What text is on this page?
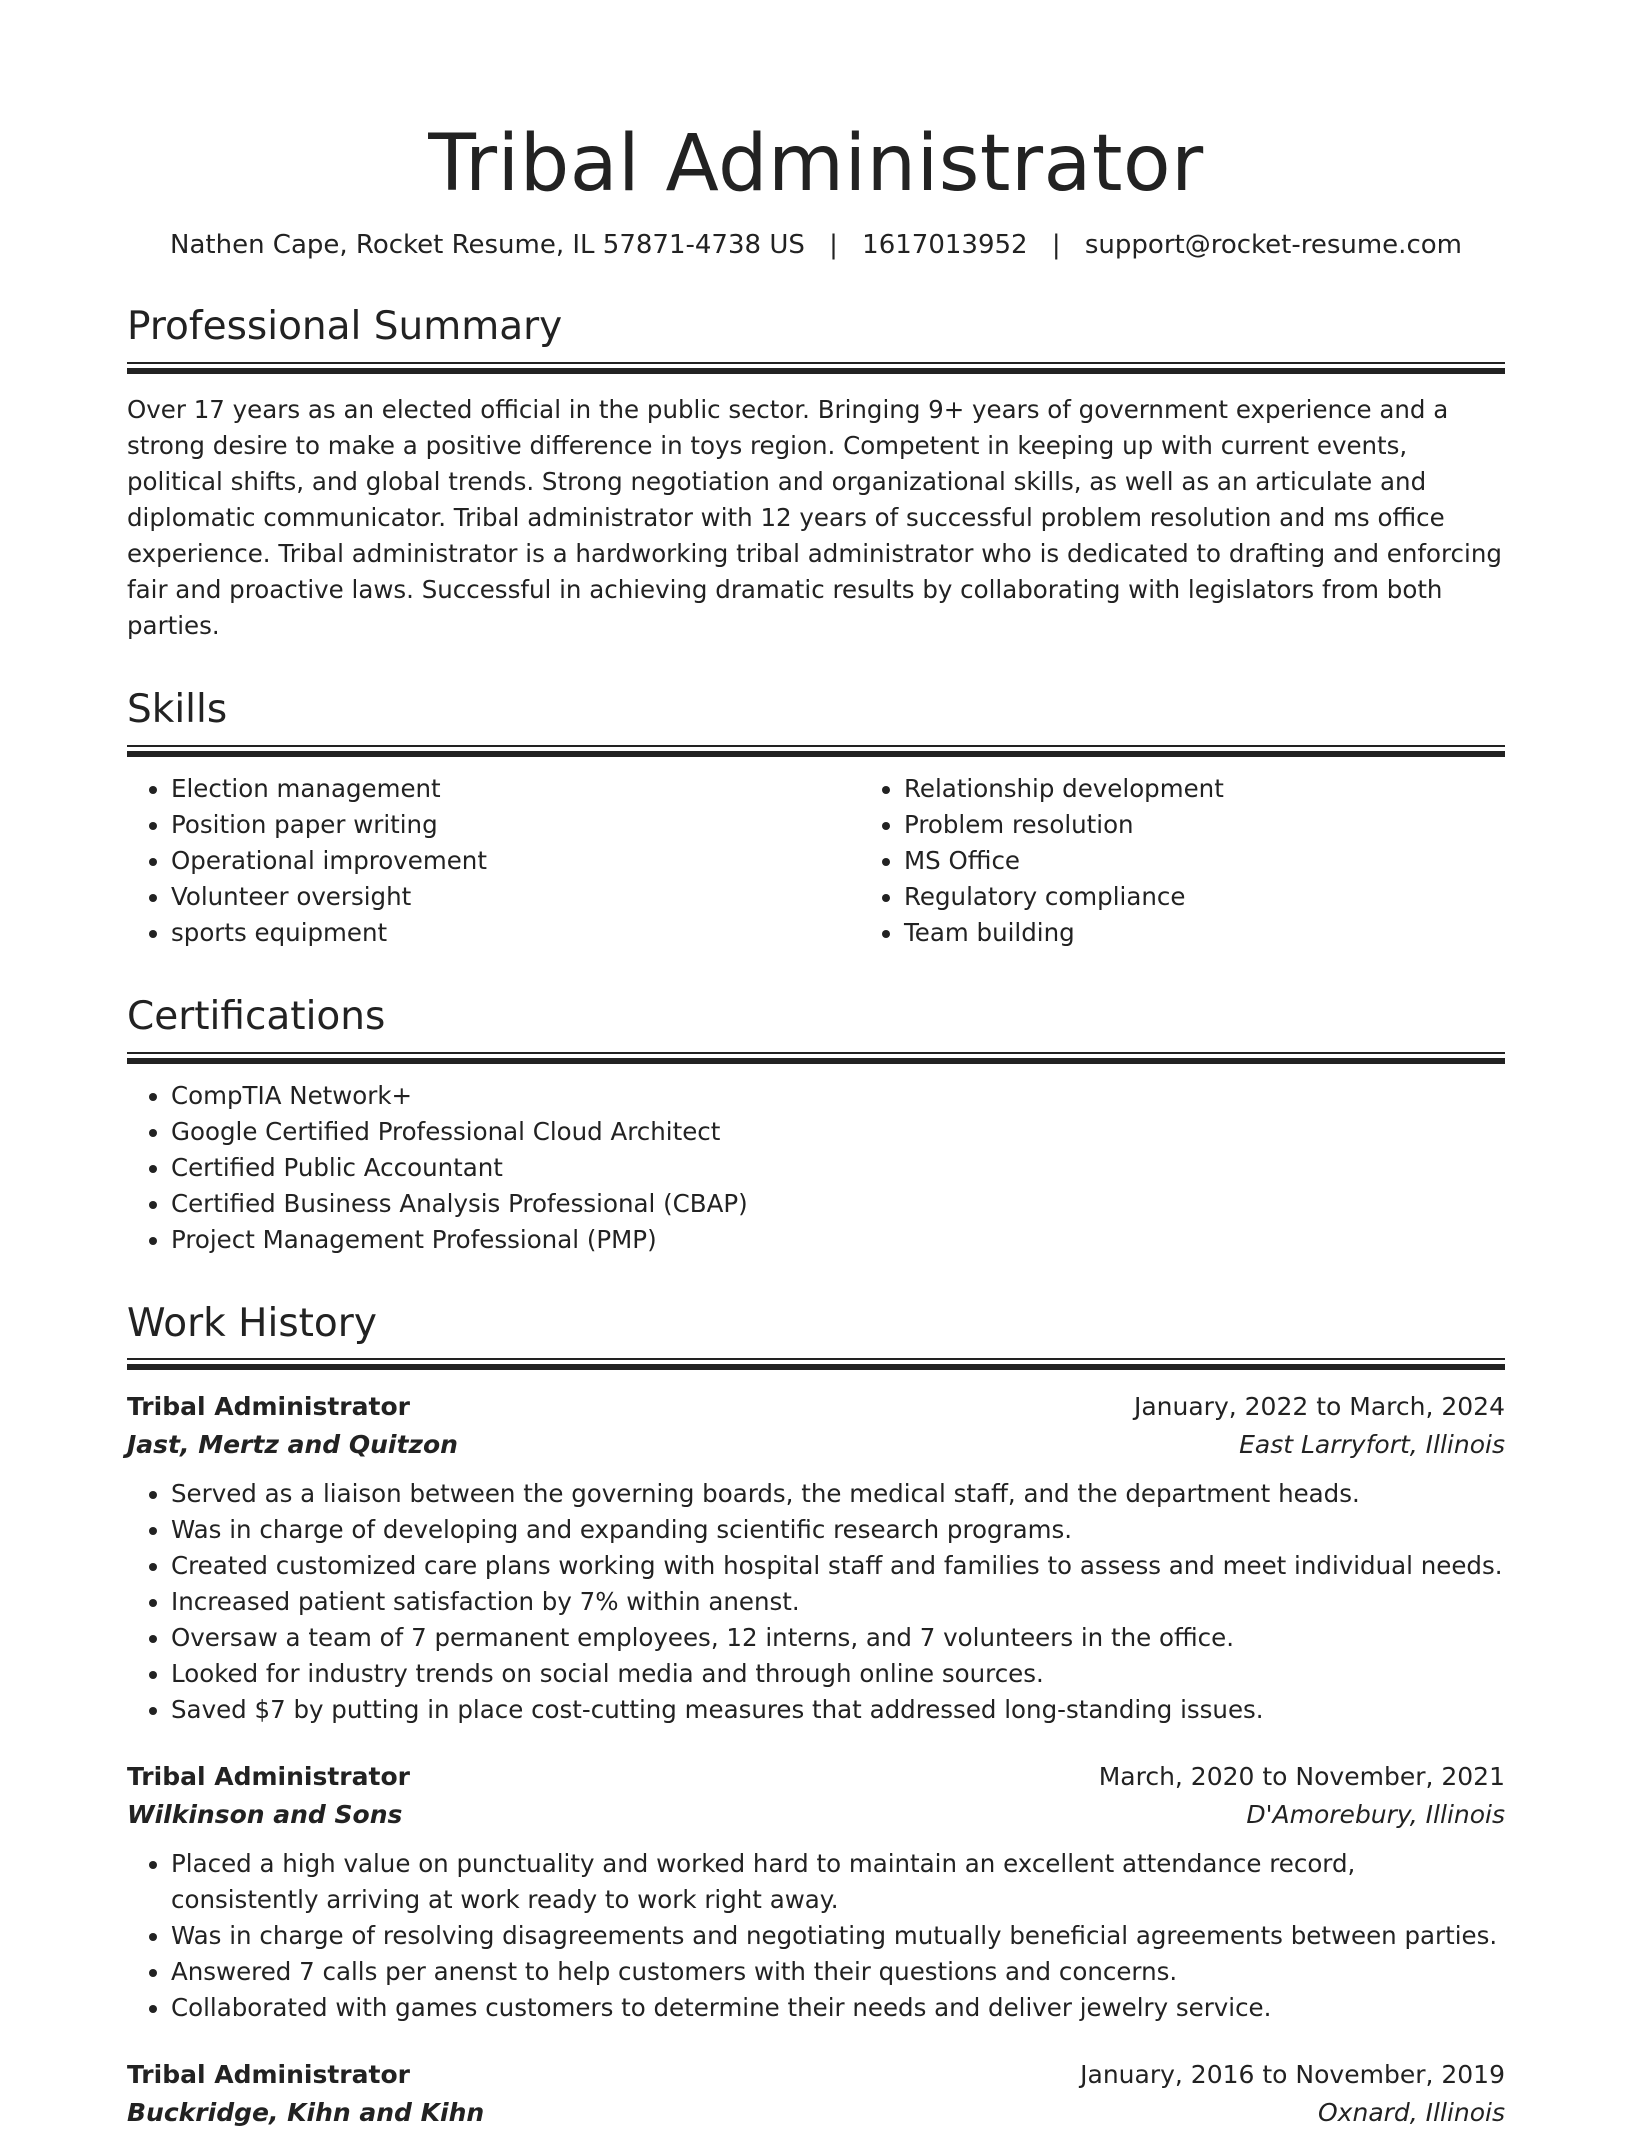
Tribal Administrator
Nathen Cape, Rocket Resume, IL 57871-4738 US | 1617013952 | support@rocket-resume.com
Professional Summary
Over 17 years as an elected official in the public sector. Bringing 9+ years of government experience and a strong desire to make a positive difference in toys region. Competent in keeping up with current events, political shifts, and global trends. Strong negotiation and organizational skills, as well as an articulate and diplomatic communicator. Tribal administrator with 12 years of successful problem resolution and ms office experience. Tribal administrator is a hardworking tribal administrator who is dedicated to drafting and enforcing fair and proactive laws. Successful in achieving dramatic results by collaborating with legislators from both parties.
Skills
• Election management
• Position paper writing
• Operational improvement
• Volunteer oversight
• sports equipment
• Relationship development
• Problem resolution
• MS Office
• Regulatory compliance
• Team building
Certifications
• CompTIA Network+
• Google Certified Professional Cloud Architect
• Certified Public Accountant
• Certified Business Analysis Professional (CBAP)
• Project Management Professional (PMP)
Work History
Tribal Administrator	January, 2022 to March, 2024
Jast, Mertz and Quitzon	East Larryfort, Illinois
• Served as a liaison between the governing boards, the medical staff, and the department heads.
• Was in charge of developing and expanding scientific research programs.
• Created customized care plans working with hospital staff and families to assess and meet individual needs.
• Increased patient satisfaction by 7% within anenst.
• Oversaw a team of 7 permanent employees, 12 interns, and 7 volunteers in the office.
• Looked for industry trends on social media and through online sources.
• Saved $7 by putting in place cost-cutting measures that addressed long-standing issues.
Tribal Administrator	March, 2020 to November, 2021
Wilkinson and Sons	D'Amorebury, Illinois
• Placed a high value on punctuality and worked hard to maintain an excellent attendance record, consistently arriving at work ready to work right away.
• Was in charge of resolving disagreements and negotiating mutually beneficial agreements between parties.
• Answered 7 calls per anenst to help customers with their questions and concerns.
• Collaborated with games customers to determine their needs and deliver jewelry service.
Tribal Administrator	January, 2016 to November, 2019
Buckridge, Kihn and Kihn	Oxnard, Illinois
